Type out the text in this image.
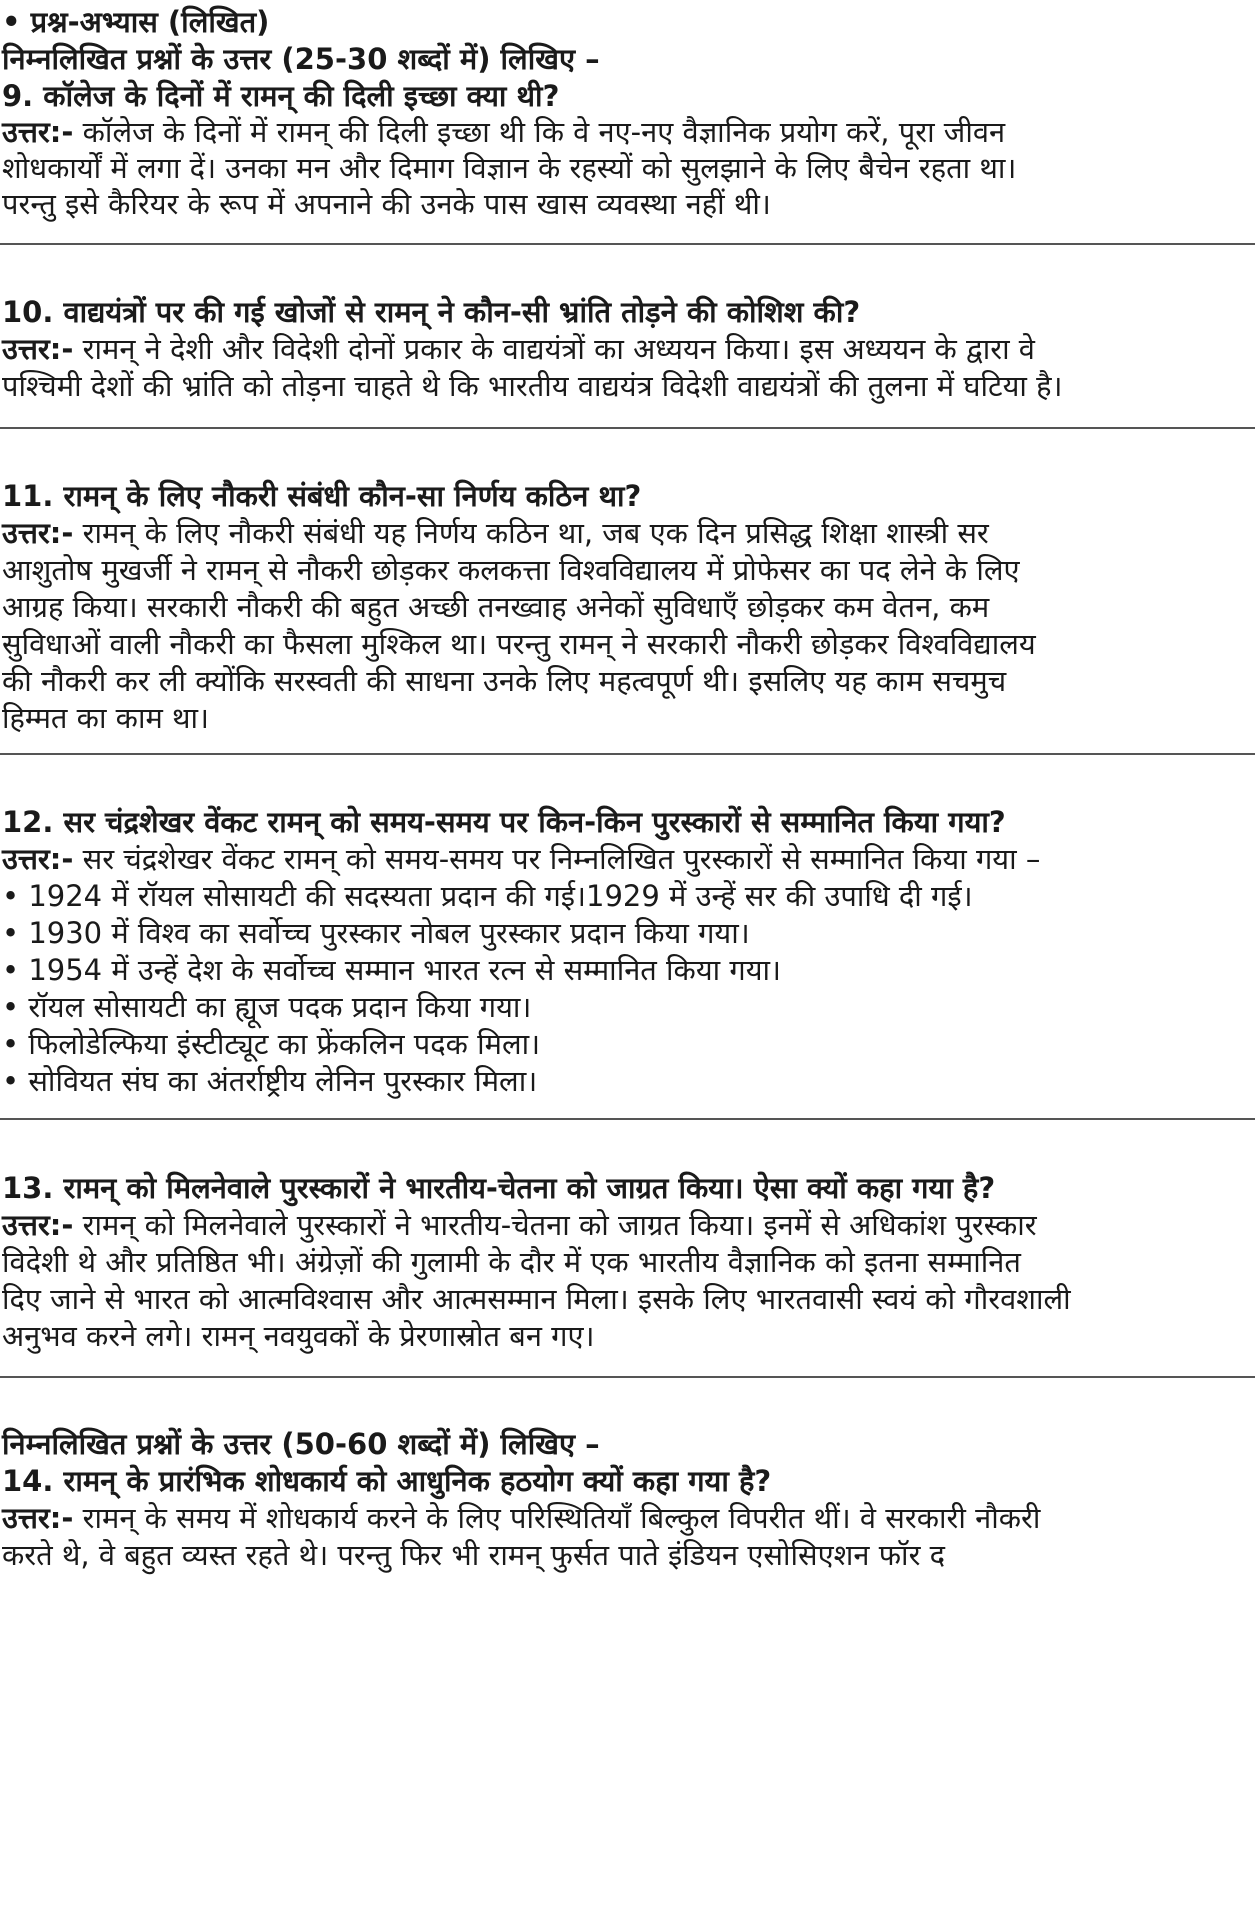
• प्रश्न-अभ्यास (लिखित)
निम्नलिखित प्रश्नों के उत्तर (25-30 शब्दों में) लिखिए –
9. कॉलेज के दिनों में रामन् की दिली इच्छा क्या थी?
उत्तर:- कॉलेज के दिनों में रामन् की दिली इच्छा थी कि वे नए-नए वैज्ञानिक प्रयोग करें, पूरा जीवन
शोधकार्यों में लगा दें। उनका मन और दिमाग विज्ञान के रहस्यों को सुलझाने के लिए बैचेन रहता था।
परन्तु इसे कैरियर के रूप में अपनाने की उनके पास खास व्यवस्था नहीं थी।
10. वाद्ययंत्रों पर की गई खोजों से रामन् ने कौन-सी भ्रांति तोड़ने की कोशिश की?
उत्तर:- रामन् ने देशी और विदेशी दोनों प्रकार के वाद्ययंत्रों का अध्ययन किया। इस अध्ययन के द्वारा वे
पश्चिमी देशों की भ्रांति को तोड़ना चाहते थे कि भारतीय वाद्ययंत्र विदेशी वाद्ययंत्रों की तुलना में घटिया है।
11. रामन् के लिए नौकरी संबंधी कौन-सा निर्णय कठिन था?
उत्तर:- रामन् के लिए नौकरी संबंधी यह निर्णय कठिन था, जब एक दिन प्रसिद्ध शिक्षा शास्त्री सर
आशुतोष मुखर्जी ने रामन् से नौकरी छोड़कर कलकत्ता विश्वविद्यालय में प्रोफेसर का पद लेने के लिए
आग्रह किया। सरकारी नौकरी की बहुत अच्छी तनख्वाह अनेकों सुविधाएँ छोड़कर कम वेतन, कम
सुविधाओं वाली नौकरी का फैसला मुश्किल था। परन्तु रामन् ने सरकारी नौकरी छोड़कर विश्वविद्यालय
की नौकरी कर ली क्योंकि सरस्वती की साधना उनके लिए महत्वपूर्ण थी। इसलिए यह काम सचमुच
हिम्मत का काम था।
12. सर चंद्रशेखर वेंकट रामन् को समय-समय पर किन-किन पुरस्कारों से सम्मानित किया गया?
उत्तर:- सर चंद्रशेखर वेंकट रामन् को समय-समय पर निम्नलिखित पुरस्कारों से सम्मानित किया गया –
• 1924 में रॉयल सोसायटी की सदस्यता प्रदान की गई।1929 में उन्हें सर की उपाधि दी गई।
• 1930 में विश्व का सर्वोच्च पुरस्कार नोबल पुरस्कार प्रदान किया गया।
• 1954 में उन्हें देश के सर्वोच्च सम्मान भारत रत्न से सम्मानित किया गया।
• रॉयल सोसायटी का ह्यूज पदक प्रदान किया गया।
• फिलोडेल्फिया इंस्टीट्यूट का फ्रेंकलिन पदक मिला।
• सोवियत संघ का अंतर्राष्ट्रीय लेनिन पुरस्कार मिला।
13. रामन् को मिलनेवाले पुरस्कारों ने भारतीय-चेतना को जाग्रत किया। ऐसा क्यों कहा गया है?
उत्तर:- रामन् को मिलनेवाले पुरस्कारों ने भारतीय-चेतना को जाग्रत किया। इनमें से अधिकांश पुरस्कार
विदेशी थे और प्रतिष्ठित भी। अंग्रेज़ों की गुलामी के दौर में एक भारतीय वैज्ञानिक को इतना सम्मानित
दिए जाने से भारत को आत्मविश्वास और आत्मसम्मान मिला। इसके लिए भारतवासी स्वयं को गौरवशाली
अनुभव करने लगे। रामन् नवयुवकों के प्रेरणास्रोत बन गए।
निम्नलिखित प्रश्नों के उत्तर (50-60 शब्दों में) लिखिए –
14. रामन् के प्रारंभिक शोधकार्य को आधुनिक हठयोग क्यों कहा गया है?
उत्तर:- रामन् के समय में शोधकार्य करने के लिए परिस्थितियाँ बिल्कुल विपरीत थीं। वे सरकारी नौकरी
करते थे, वे बहुत व्यस्त रहते थे। परन्तु फिर भी रामन् फुर्सत पाते इंडियन एसोसिएशन फॉर द
